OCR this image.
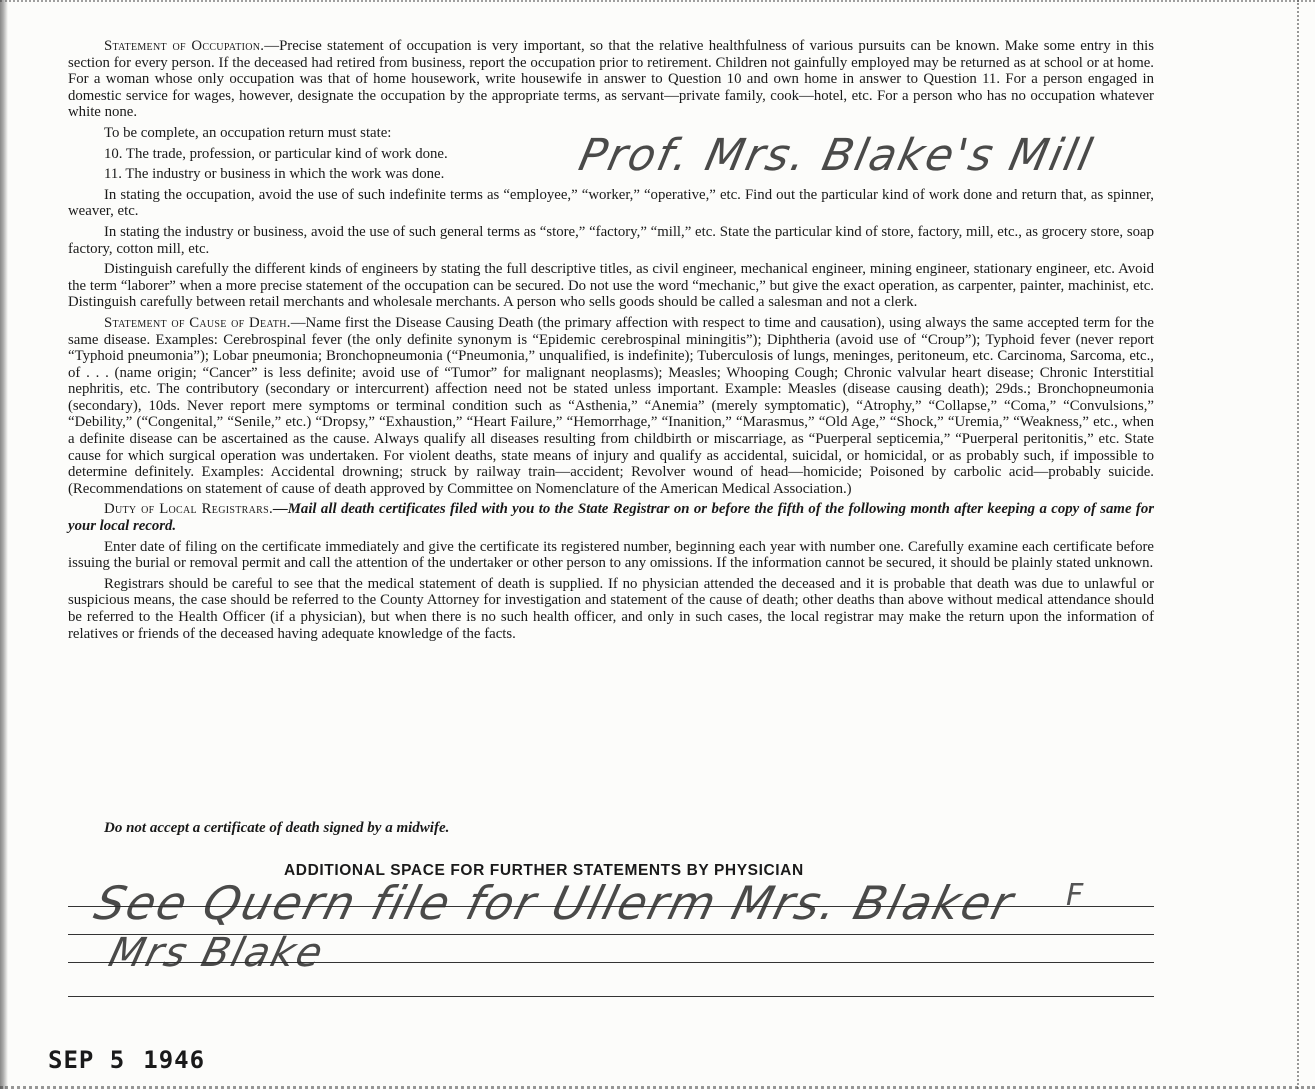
Statement of Occupation.—Precise statement of occupation is very important, so that the relative healthfulness of various pursuits can be known. Make some entry in this section for every person. If the deceased had retired from business, report the occupation prior to retirement. Children not gainfully employed may be returned as at school or at home. For a woman whose only occupation was that of home housework, write housewife in answer to Question 10 and own home in answer to Question 11. For a person engaged in domestic service for wages, however, designate the occupation by the appropriate terms, as servant—private family, cook—hotel, etc. For a person who has no occupation whatever white none.

To be complete, an occupation return must state:

10. The trade, profession, or particular kind of work done.

11. The industry or business in which the work was done.

In stating the occupation, avoid the use of such indefinite terms as “employee,” “worker,” “operative,” etc. Find out the particular kind of work done and return that, as spinner, weaver, etc.

In stating the industry or business, avoid the use of such general terms as “store,” “factory,” “mill,” etc. State the particular kind of store, factory, mill, etc., as grocery store, soap factory, cotton mill, etc.

Distinguish carefully the different kinds of engineers by stating the full descriptive titles, as civil engineer, mechanical engineer, mining engineer, stationary engineer, etc. Avoid the term “laborer” when a more precise statement of the occupation can be secured. Do not use the word “mechanic,” but give the exact operation, as carpenter, painter, machinist, etc. Distinguish carefully between retail merchants and wholesale merchants. A person who sells goods should be called a salesman and not a clerk.

Statement of Cause of Death.—Name first the Disease Causing Death (the primary affection with respect to time and causation), using always the same accepted term for the same disease. Examples: Cerebrospinal fever (the only definite synonym is “Epidemic cerebrospinal miningitis”); Diphtheria (avoid use of “Croup”); Typhoid fever (never report “Typhoid pneumonia”); Lobar pneumonia; Bronchopneumonia (“Pneumonia,” unqualified, is indefinite); Tuberculosis of lungs, meninges, peritoneum, etc. Carcinoma, Sarcoma, etc., of . . . (name origin; “Cancer” is less definite; avoid use of “Tumor” for malignant neoplasms); Measles; Whooping Cough; Chronic valvular heart disease; Chronic Interstitial nephritis, etc. The contributory (secondary or intercurrent) affection need not be stated unless important. Example: Measles (disease causing death); 29ds.; Bronchopneumonia (secondary), 10ds. Never report mere symptoms or terminal condition such as “Asthenia,” “Anemia” (merely symptomatic), “Atrophy,” “Collapse,” “Coma,” “Convulsions,” “Debility,” (“Congenital,” “Senile,” etc.) “Dropsy,” “Exhaustion,” “Heart Failure,” “Hemorrhage,” “Inanition,” “Marasmus,” “Old Age,” “Shock,” “Uremia,” “Weakness,” etc., when a definite disease can be ascertained as the cause. Always qualify all diseases resulting from childbirth or miscarriage, as “Puerperal septicemia,” “Puerperal peritonitis,” etc. State cause for which surgical operation was undertaken. For violent deaths, state means of injury and qualify as accidental, suicidal, or homicidal, or as probably such, if impossible to determine definitely. Examples: Accidental drowning; struck by railway train—accident; Revolver wound of head—homicide; Poisoned by carbolic acid—probably suicide. (Recommendations on statement of cause of death approved by Committee on Nomenclature of the American Medical Association.)

Duty of Local Registrars.—Mail all death certificates filed with you to the State Registrar on or before the fifth of the following month after keeping a copy of same for your local record.

Enter date of filing on the certificate immediately and give the certificate its registered number, beginning each year with number one. Carefully examine each certificate before issuing the burial or removal permit and call the attention of the undertaker or other person to any omissions. If the information cannot be secured, it should be plainly stated unknown.

Registrars should be careful to see that the medical statement of death is supplied. If no physician attended the deceased and it is probable that death was due to unlawful or suspicious means, the case should be referred to the County Attorney for investigation and statement of the cause of death; other deaths than above without medical attendance should be referred to the Health Officer (if a physician), but when there is no such health officer, and only in such cases, the local registrar may make the return upon the information of relatives or friends of the deceased having adequate knowledge of the facts.

Prof. Mrs. Blake's Mill
Do not accept a certificate of death signed by a midwife.
ADDITIONAL SPACE FOR FURTHER STATEMENTS BY PHYSICIAN
See Quern file for Ullerm Mrs. Blaker F
Mrs Blake
SEP 5 1946
